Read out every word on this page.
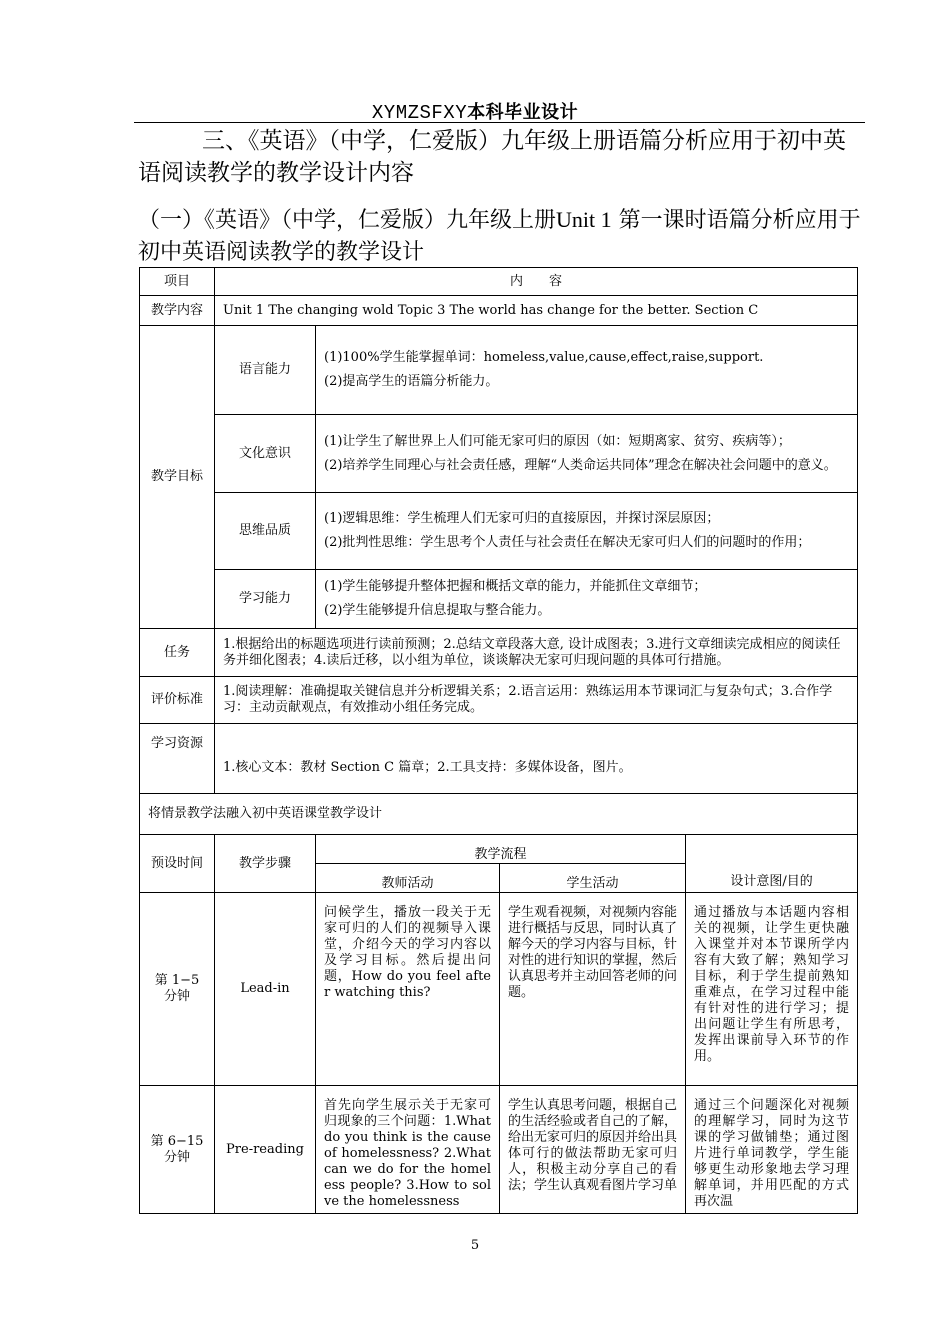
XYMZSFXY本科毕业设计
三、《英语》（中学，仁爱版）九年级上册语篇分析应用于初中英语阅读教学的教学设计内容
（一）《英语》（中学，仁爱版）九年级上册Unit 1 第一课时语篇分析应用于初中英语阅读教学的教学设计
项目	内　　容			
教学内容	Unit 1 The changing wold Topic 3 The world has change for the better. Section C			
教学目标	语言能力	(1)100%学生能掌握单词：homeless,value,cause,effect,raise,support.

(2)提高学生的语篇分析能力。		

	文化意识	(1)让学生了解世界上人们可能无家可归的原因（如：短期离家、贫穷、疾病等）；

(2)培养学生同理心与社会责任感，理解“人类命运共同体”理念在解决社会问题中的意义。		

	思维品质	(1)逻辑思维：学生梳理人们无家可归的直接原因，并探讨深层原因；

(2)批判性思维：学生思考个人责任与社会责任在解决无家可归人们的问题时的作用；		

	学习能力	(1)学生能够提升整体把握和概括文章的能力，并能抓住文章细节；

(2)学生能够提升信息提取与整合能力。		

任务	1.根据给出的标题选项进行读前预测；2.总结文章段落大意, 设计成图表；3.进行文章细读完成相应的阅读任务并细化图表；4.读后迁移，以小组为单位，谈谈解决无家可归现问题的具体可行措施。			
评价标准	1.阅读理解：准确提取关键信息并分析逻辑关系；2.语言运用：熟练运用本节课词汇与复杂句式；3.合作学习：主动贡献观点，有效推动小组任务完成。			
学习资源	1.核心文本：教材 Section C 篇章；2.工具支持：多媒体设备，图片。			
将情景教学法融入初中英语课堂教学设计				
预设时间	教学步骤	教学流程		设计意图/目的
		教师活动	学生活动	
第 1−5 分钟	Lead-in	问候学生，播放一段关于无家可归的人们的视频导入课堂，介绍今天的学习内容以及学习目标。然后提出问题，How do you feel after watching this?	学生观看视频，对视频内容能进行概括与反思，同时认真了解今天的学习内容与目标，针对性的进行知识的掌握，然后认真思考并主动回答老师的问题。	通过播放与本话题内容相关的视频，让学生更快融入课堂并对本节课所学内容有大致了解；熟知学习目标，利于学生提前熟知重难点，在学习过程中能有针对性的进行学习；提出问题让学生有所思考，发挥出课前导入环节的作用。
第 6−15 分钟	Pre-reading	首先向学生展示关于无家可归现象的三个问题：1.What do you think is the cause of homelessness? 2.What can we do for the homeless people? 3.How to solve the homelessness	学生认真思考问题，根据自己的生活经验或者自己的了解，给出无家可归的原因并给出具体可行的做法帮助无家可归人，积极主动分享自己的看法；学生认真观看图片学习单	通过三个问题深化对视频的理解学习，同时为这节课的学习做铺垫；通过图片进行单词教学，学生能够更生动形象地去学习理解单词，并用匹配的方式再次温
5
